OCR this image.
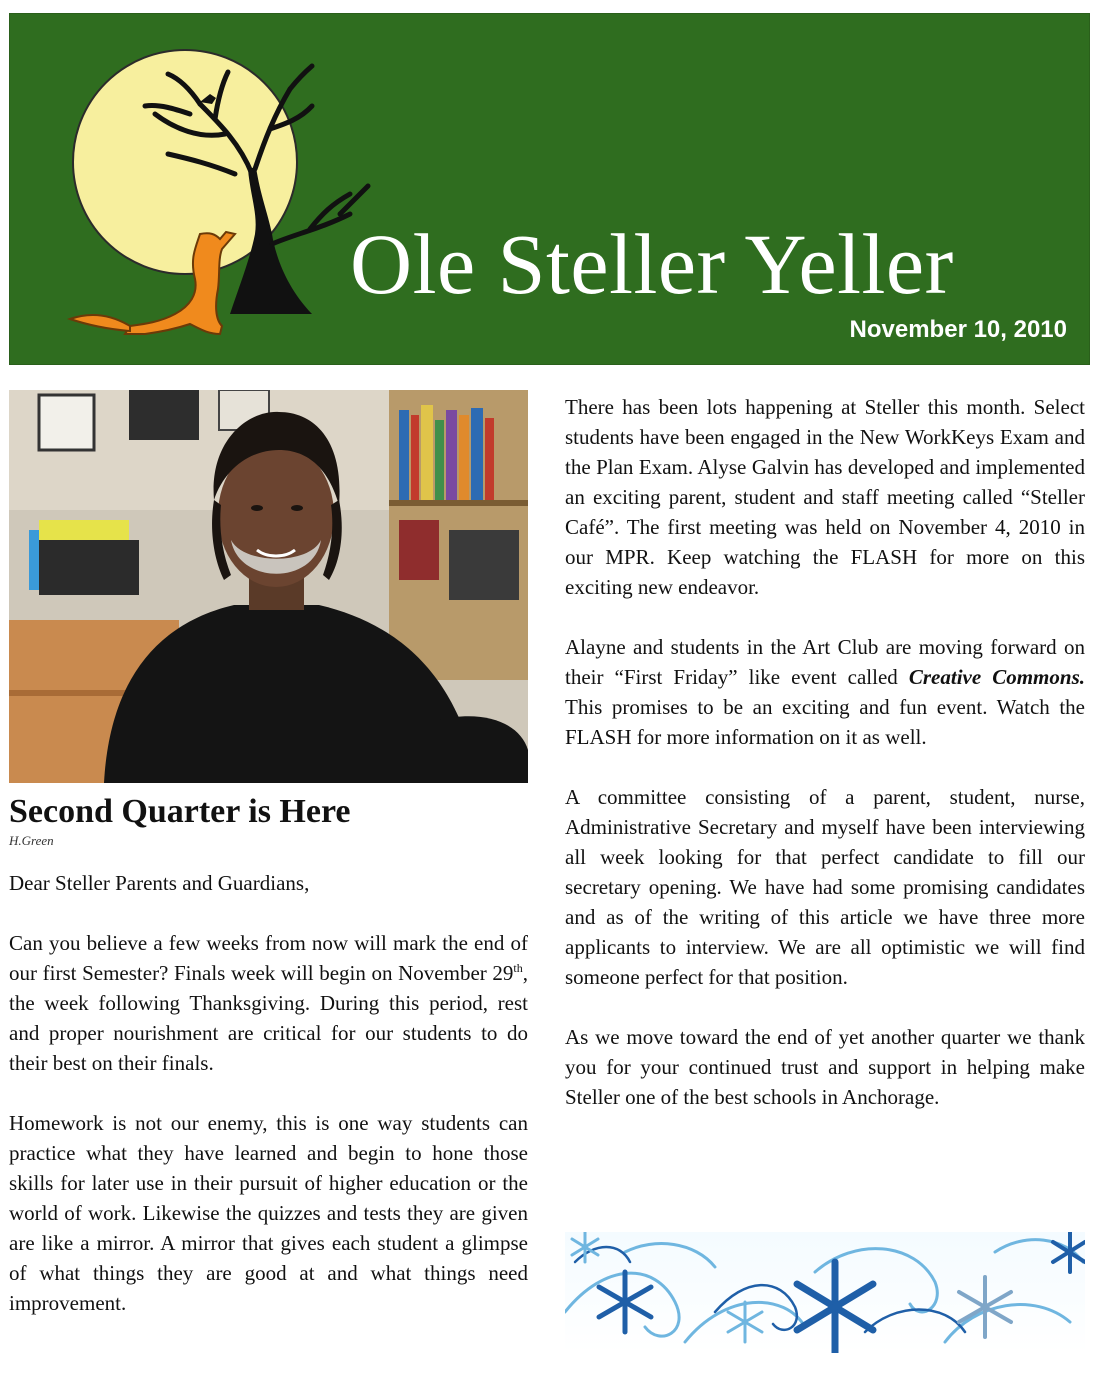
Ole Steller Yeller

November 10, 2010

Second Quarter is Here

H.Green

Dear Steller Parents and Guardians,

Can you believe a few weeks from now will mark the end of our first Semester? Finals week will begin on November 29th, the week following Thanksgiving. During this period, rest and proper nourishment are critical for our students to do their best on their finals.

Homework is not our enemy, this is one way students can practice what they have learned and begin to hone those skills for later use in their pursuit of higher education or the world of work. Likewise the quizzes and tests they are given are like a mirror. A mirror that gives each student a glimpse of what things they are good at and what things need improvement.

There has been lots happening at Steller this month. Select students have been engaged in the New WorkKeys Exam and the Plan Exam. Alyse Galvin has developed and implemented an exciting parent, student and staff meeting called “Steller Café”. The first meeting was held on November 4, 2010 in our MPR. Keep watching the FLASH for more on this exciting new endeavor.

Alayne and students in the Art Club are moving forward on their “First Friday” like event called Creative Commons. This promises to be an exciting and fun event. Watch the FLASH for more information on it as well.

A committee consisting of a parent, student, nurse, Administrative Secretary and myself have been interviewing all week looking for that perfect candidate to fill our secretary opening. We have had some promising candidates and as of the writing of this article we have three more applicants to interview. We are all optimistic we will find someone perfect for that position.

As we move toward the end of yet another quarter we thank you for your continued trust and support in helping make Steller one of the best schools in Anchorage.
